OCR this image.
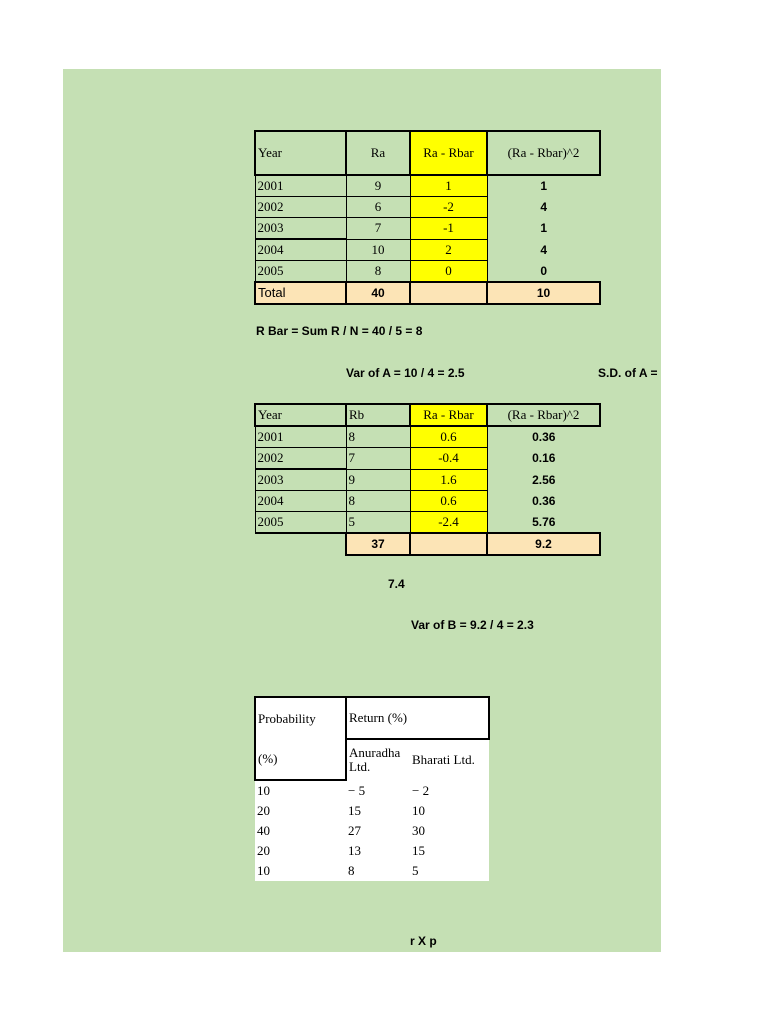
Year	Ra	Ra - Rbar	(Ra - Rbar)^2
2001	9	1	1
2002	6	-2	4
2003	7	-1	1
2004	10	2	4
2005	8	0	0
Total	40		10
R Bar = Sum R / N = 40 / 5 = 8
Var of A = 10 / 4 = 2.5	S.D. of A =
Year	Rb	Ra - Rbar	(Ra - Rbar)^2
2001	8	0.6	0.36
2002	7	-0.4	0.16
2003	9	1.6	2.56
2004	8	0.6	0.36
2005	5	-2.4	5.76
	37		9.2
7.4
Var of B = 9.2 / 4 = 2.3
Probability	Return (%)	
(%)	Anuradha Ltd.	Bharati Ltd.
10	− 5	− 2
20	15	10
40	27	30
20	13	15
10	8	5
r X p
